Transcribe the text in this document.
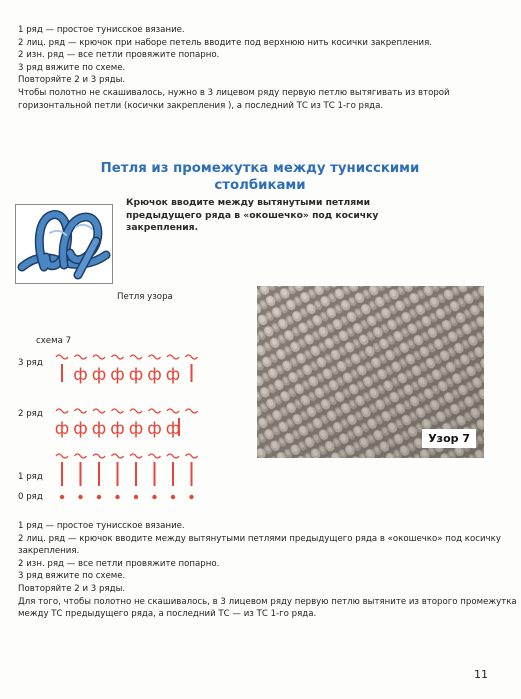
1 ряд — простое тунисское вязание.
2 лиц. ряд — крючок при наборе петель вводите под верхнюю нить косички закрепления.
2 изн. ряд — все петли провяжите попарно.
3 ряд вяжите по схеме.
Повторяйте 2 и 3 ряды.
Чтобы полотно не скашивалось, нужно в 3 лицевом ряду первую петлю вытягивать из второй
горизонтальной петли (косички закрепления ), а последний ТС из ТС 1-го ряда.
Петля из промежутка между тунисскими
столбиками
Крючок вводите между вытянутыми петлями предыдущего ряда в «окошечко» под косичку закрепления.
Петля узора
схема 7
3 ряд
2 ряд
1 ряд
0 ряд
ф ф ф ф ф ф
ф ф ф ф ф ф ф	Узор 7
1 ряд — простое тунисское вязание.
2 лиц. ряд — крючок вводите между вытянутыми петлями предыдущего ряда в «окошечко» под косичку
закрепления.
2 изн. ряд — все петли провяжите попарно.
3 ряд вяжите по схеме.
Повторяйте 2 и 3 ряды.
Для того, чтобы полотно не скашивалось, в 3 лицевом ряду первую петлю вытяните из второго промежутка
между ТС предыдущего ряда, а последний ТС — из ТС 1-го ряда.
11
